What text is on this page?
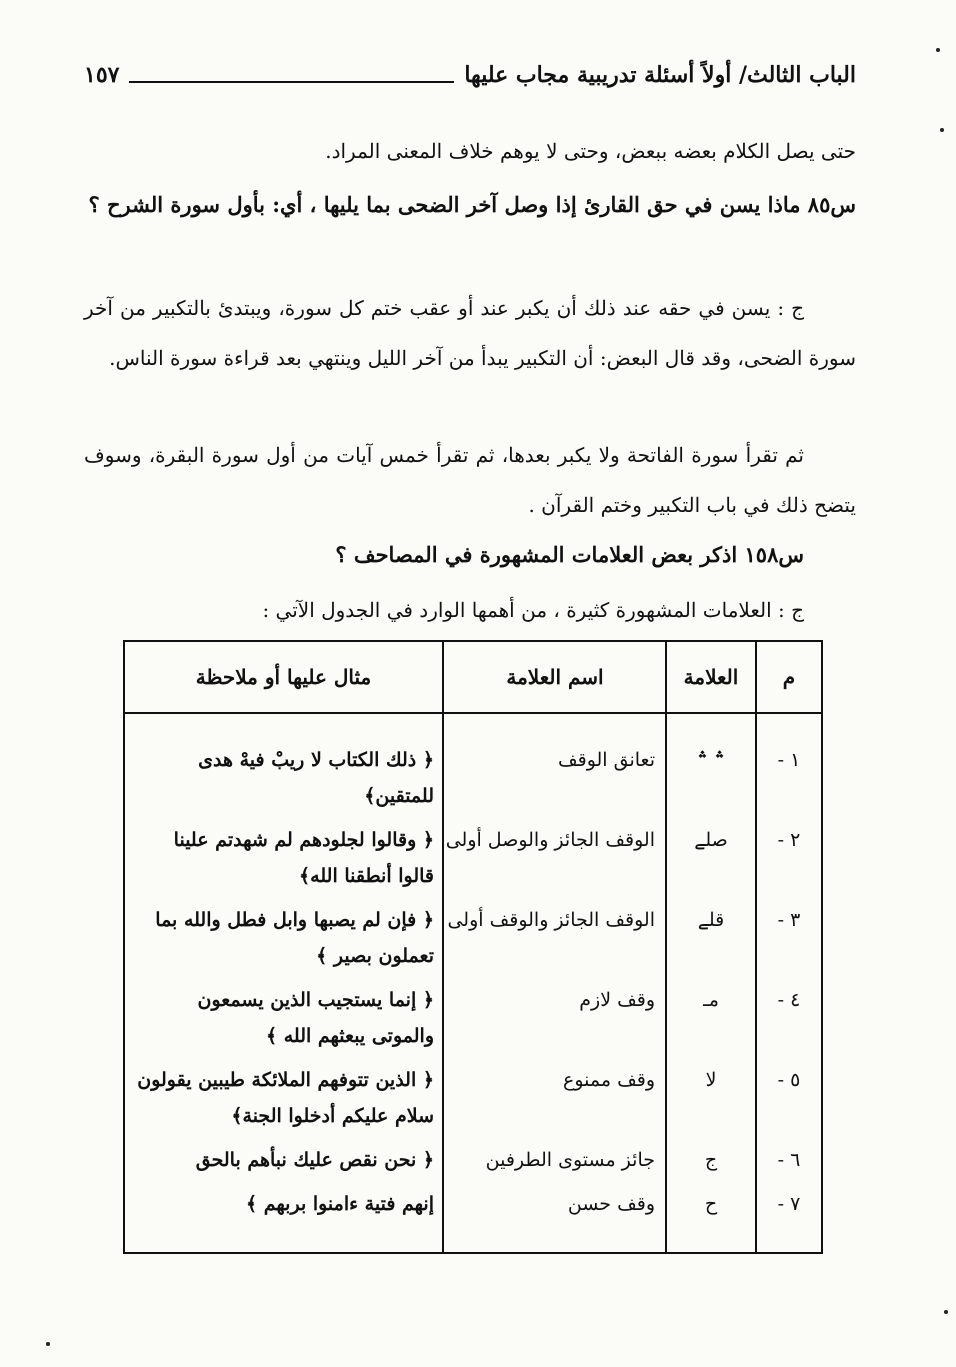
الباب الثالث/ أولاً أسئلة تدريبية مجاب عليها
١٥٧
حتى يصل الكلام بعضه ببعض، وحتى لا يوهم خلاف المعنى المراد.
س٨٥ ماذا يسن في حق القارئ إذا وصل آخر الضحى بما يليها ، أي: بأول سورة الشرح ؟
ج : يسن في حقه عند ذلك أن يكبر عند أو عقب ختم كل سورة، ويبتدئ بالتكبير من آخر سورة الضحى، وقد قال البعض: أن التكبير يبدأ من آخر الليل وينتهي بعد قراءة سورة الناس.
ثم تقرأ سورة الفاتحة ولا يكبر بعدها، ثم تقرأ خمس آيات من أول سورة البقرة، وسوف يتضح ذلك في باب التكبير وختم القرآن .
س١٥٨ اذكر بعض العلامات المشهورة في المصاحف ؟
ج : العلامات المشهورة كثيرة ، من أهمها الوارد في الجدول الآتي :
م	العلامة	اسم العلامة	مثال عليها أو ملاحظة
١ -	؞ ؞	تعانق الوقف	﴿ ذلك الكتاب لا ريبْ فيهْ هدى للمتقين﴾
٢ -	صلے	الوقف الجائز والوصل أولى	﴿ وقالوا لجلودهم لم شهدتم علينا قالوا أنطقنا الله﴾
٣ -	قلے	الوقف الجائز والوقف أولى	﴿ فإن لم يصبها وابل فطل والله بما تعملون بصير ﴾
٤ -	مـ	وقف لازم	﴿ إنما يستجيب الذين يسمعون والموتى يبعثهم الله ﴾
٥ -	لا	وقف ممنوع	﴿ الذين تتوفهم الملائكة طيبين يقولون سلام عليكم أدخلوا الجنة﴾
٦ -	ج	جائز مستوى الطرفين	﴿ نحن نقص عليك نبأهم بالحق
٧ -	ح	وقف حسن	إنهم فتية ءامنوا بربهم ﴾
